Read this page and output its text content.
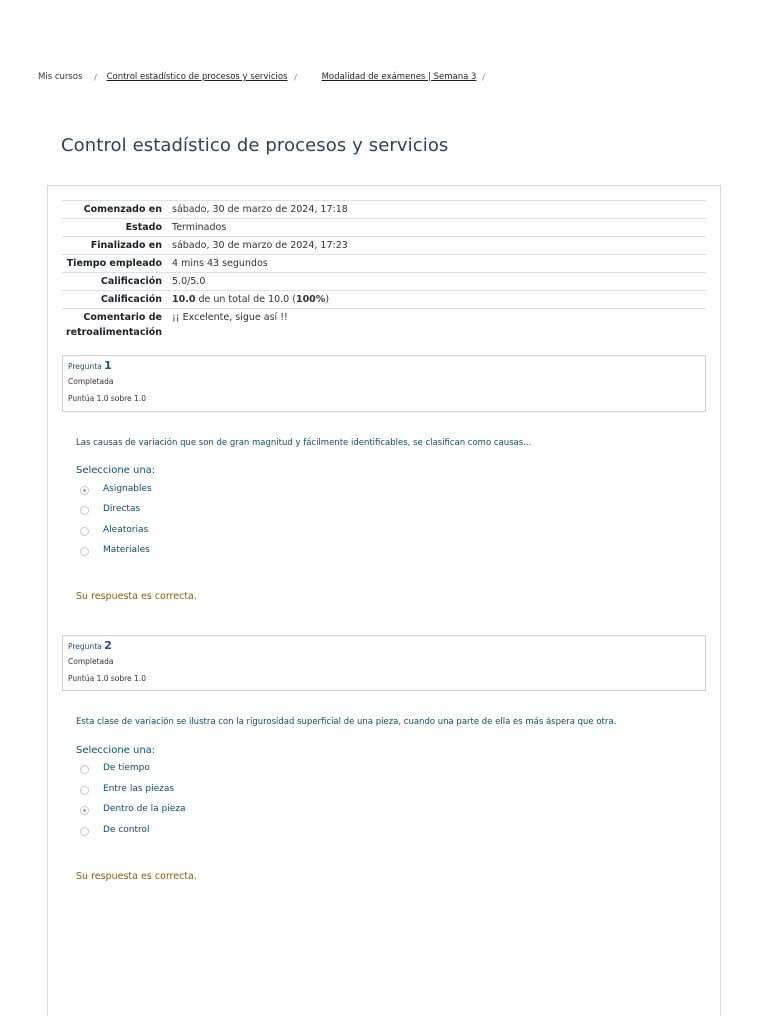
Mis cursos / Control estadístico de procesos y servicios /	Modalidad de exámenes | Semana 3 /
Control estadístico de procesos y servicios
Comenzado en	sábado, 30 de marzo de 2024, 17:18
Estado	Terminados
Finalizado en	sábado, 30 de marzo de 2024, 17:23
Tiempo empleado	4 mins 43 segundos
Calificación	5.0/5.0
Calificación	10.0 de un total de 10.0 (100%)
Comentario de retroalimentación	¡¡ Excelente, sigue así !!
Pregunta 1
Completada
Puntúa 1.0 sobre 1.0
Las causas de variación que son de gran magnitud y fácilmente identificables, se clasifican como causas...
Seleccione una:
Asignables
Directas
Aleatorias
Materiales
Su respuesta es correcta.
Pregunta 2
Completada
Puntúa 1.0 sobre 1.0
Esta clase de variación se ilustra con la rigurosidad superficial de una pieza, cuando una parte de ella es más áspera que otra.
Seleccione una:
De tiempo
Entre las piezas
Dentro de la pieza
De control
Su respuesta es correcta.
